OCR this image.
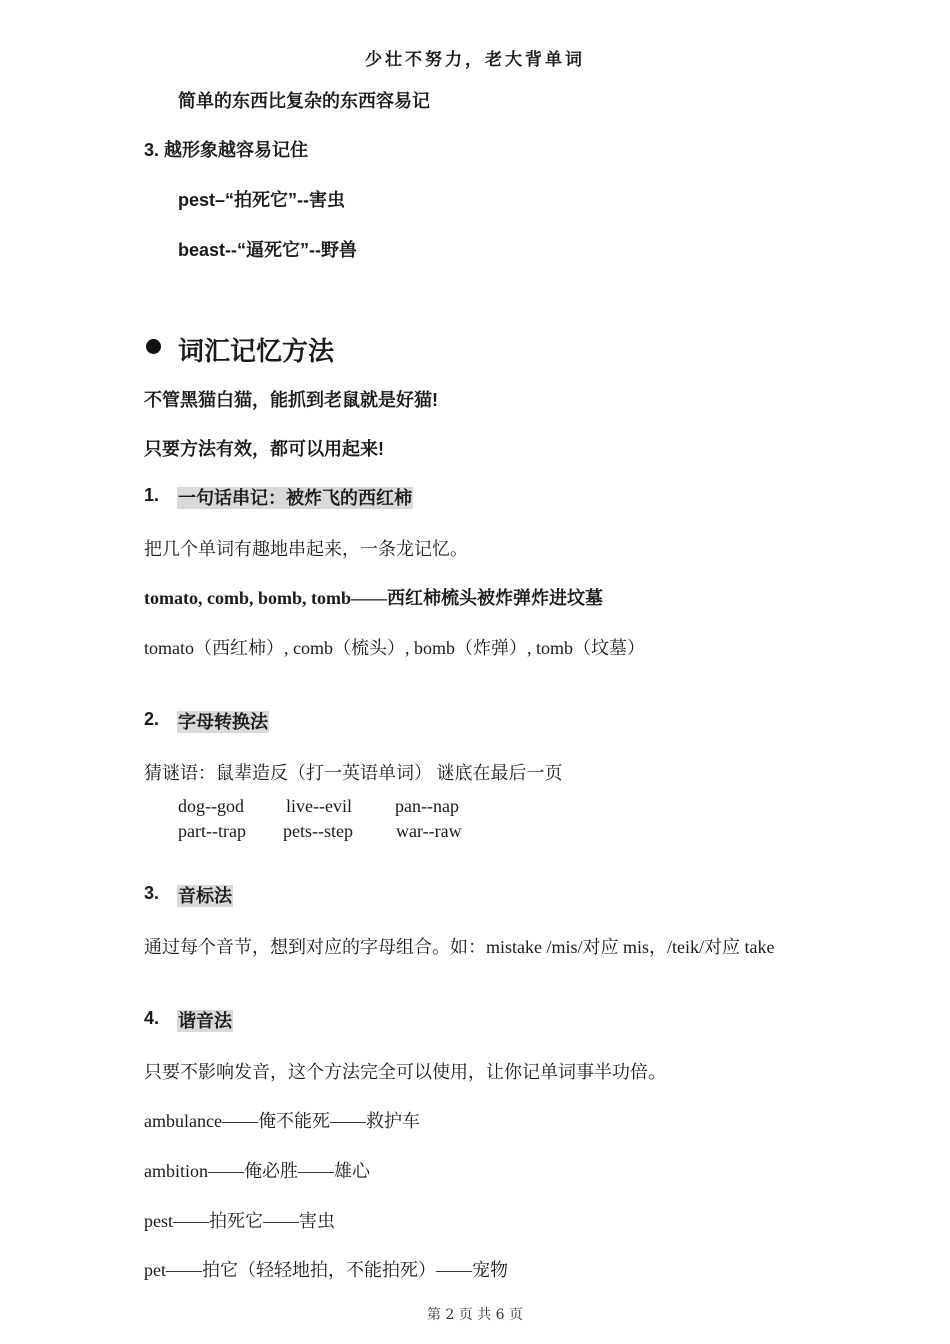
少壮不努力，老大背单词
简单的东西比复杂的东西容易记
3. 越形象越容易记住
pest–“拍死它”--害虫
beast--“逼死它”--野兽
词汇记忆方法
不管黑猫白猫，能抓到老鼠就是好猫!
只要方法有效，都可以用起来!
1. 一句话串记：被炸飞的西红柿
把几个单词有趣地串起来，一条龙记忆。
tomato, comb, bomb, tomb——西红柿梳头被炸弹炸进坟墓
tomato（西红柿）, comb（梳头）, bomb（炸弹）, tomb（坟墓）
2. 字母转换法
猜谜语：鼠辈造反（打一英语单词） 谜底在最后一页
dog--god live--evil pan--nap
part--trap pets--step war--raw
3. 音标法
通过每个音节，想到对应的字母组合。如：mistake /mis/对应 mis，/teik/对应 take
4. 谐音法
只要不影响发音，这个方法完全可以使用，让你记单词事半功倍。
ambulance——俺不能死——救护车
ambition——俺必胜——雄心
pest——拍死它——害虫
pet——拍它（轻轻地拍，不能拍死）——宠物
第 2 页 共 6 页
